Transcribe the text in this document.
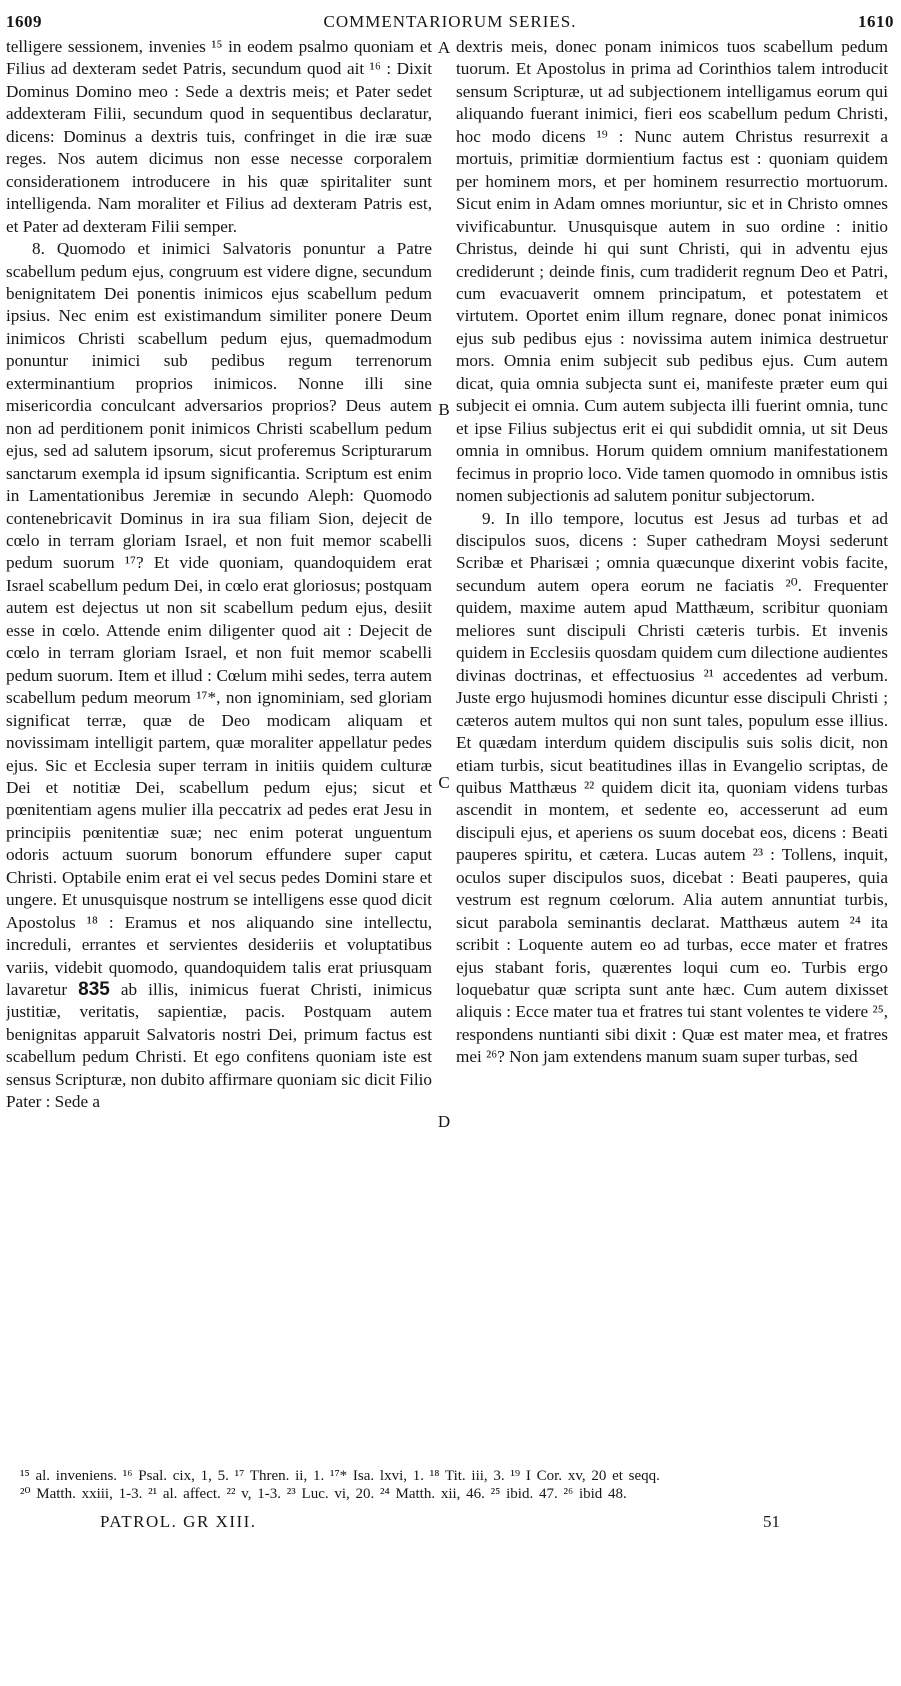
1609	COMMENTARIORUM SERIES.	1610

telligere sessionem, invenies ¹⁵ in eodem psalmo quoniam et Filius ad dexteram sedet Patris, secundum quod ait ¹⁶ : Dixit Dominus Domino meo : Sede a dextris meis; et Pater sedet addexteram Filii, secundum quod in sequentibus declaratur, dicens: Dominus a dextris tuis, confringet in die iræ suæ reges. Nos autem dicimus non esse necesse corporalem considerationem introducere in his quæ spiritaliter sunt intelligenda. Nam moraliter et Filius ad dexteram Patris est, et Pater ad dexteram Filii semper.

8. Quomodo et inimici Salvatoris ponuntur a Patre scabellum pedum ejus, congruum est videre digne, secundum benignitatem Dei ponentis inimicos ejus scabellum pedum ipsius. Nec enim est existimandum similiter ponere Deum inimicos Christi scabellum pedum ejus, quemadmodum ponuntur inimici sub pedibus regum terrenorum exterminantium proprios inimicos. Nonne illi sine misericordia conculcant adversarios proprios? Deus autem non ad perditionem ponit inimicos Christi scabellum pedum ejus, sed ad salutem ipsorum, sicut proferemus Scripturarum sanctarum exempla id ipsum significantia. Scriptum est enim in Lamentationibus Jeremiæ in secundo Aleph: Quomodo contenebricavit Dominus in ira sua filiam Sion, dejecit de cœlo in terram gloriam Israel, et non fuit memor scabelli pedum suorum ¹⁷? Et vide quoniam, quandoquidem erat Israel scabellum pedum Dei, in cœlo erat gloriosus; postquam autem est dejectus ut non sit scabellum pedum ejus, desiit esse in cœlo. Attende enim diligenter quod ait : Dejecit de cœlo in terram gloriam Israel, et non fuit memor scabelli pedum suorum. Item et illud : Cœlum mihi sedes, terra autem scabellum pedum meorum ¹⁷*, non ignominiam, sed gloriam significat terræ, quæ de Deo modicam aliquam et novissimam intelligit partem, quæ moraliter appellatur pedes ejus. Sic et Ecclesia super terram in initiis quidem culturæ Dei et notitiæ Dei, scabellum pedum ejus; sicut et pœnitentiam agens mulier illa peccatrix ad pedes erat Jesu in principiis pœnitentiæ suæ; nec enim poterat unguentum odoris actuum suorum bonorum effundere super caput Christi. Optabile enim erat ei vel secus pedes Domini stare et ungere. Et unusquisque nostrum se intelligens esse quod dicit Apostolus ¹⁸ : Eramus et nos aliquando sine intellectu, increduli, errantes et servientes desideriis et voluptatibus variis, videbit quomodo, quandoquidem talis erat priusquam lavaretur 835 ab illis, inimicus fuerat Christi, inimicus justitiæ, veritatis, sapientiæ, pacis. Postquam autem benignitas apparuit Salvatoris nostri Dei, primum factus est scabellum pedum Christi. Et ego confitens quoniam iste est sensus Scripturæ, non dubito affirmare quoniam sic dicit Filio Pater : Sede a

A
B
C
D

dextris meis, donec ponam inimicos tuos scabellum pedum tuorum. Et Apostolus in prima ad Corinthios talem introducit sensum Scripturæ, ut ad subjectionem intelligamus eorum qui aliquando fuerant inimici, fieri eos scabellum pedum Christi, hoc modo dicens ¹⁹ : Nunc autem Christus resurrexit a mortuis, primitiæ dormientium factus est : quoniam quidem per hominem mors, et per hominem resurrectio mortuorum. Sicut enim in Adam omnes moriuntur, sic et in Christo omnes vivificabuntur. Unusquisque autem in suo ordine : initio Christus, deinde hi qui sunt Christi, qui in adventu ejus crediderunt ; deinde finis, cum tradiderit regnum Deo et Patri, cum evacuaverit omnem principatum, et potestatem et virtutem. Oportet enim illum regnare, donec ponat inimicos ejus sub pedibus ejus : novissima autem inimica destruetur mors. Omnia enim subjecit sub pedibus ejus. Cum autem dicat, quia omnia subjecta sunt ei, manifeste præter eum qui subjecit ei omnia. Cum autem subjecta illi fuerint omnia, tunc et ipse Filius subjectus erit ei qui subdidit omnia, ut sit Deus omnia in omnibus. Horum quidem omnium manifestationem fecimus in proprio loco. Vide tamen quomodo in omnibus istis nomen subjectionis ad salutem ponitur subjectorum.

9. In illo tempore, locutus est Jesus ad turbas et ad discipulos suos, dicens : Super cathedram Moysi sederunt Scribæ et Pharisæi ; omnia quæcunque dixerint vobis facite, secundum autem opera eorum ne faciatis ²⁰. Frequenter quidem, maxime autem apud Matthæum, scribitur quoniam meliores sunt discipuli Christi cæteris turbis. Et invenis quidem in Ecclesiis quosdam quidem cum dilectione audientes divinas doctrinas, et effectuosius ²¹ accedentes ad verbum. Juste ergo hujusmodi homines dicuntur esse discipuli Christi ; cæteros autem multos qui non sunt tales, populum esse illius. Et quædam interdum quidem discipulis suis solis dicit, non etiam turbis, sicut beatitudines illas in Evangelio scriptas, de quibus Matthæus ²² quidem dicit ita, quoniam videns turbas ascendit in montem, et sedente eo, accesserunt ad eum discipuli ejus, et aperiens os suum docebat eos, dicens : Beati pauperes spiritu, et cætera. Lucas autem ²³ : Tollens, inquit, oculos super discipulos suos, dicebat : Beati pauperes, quia vestrum est regnum cœlorum. Alia autem annuntiat turbis, sicut parabola seminantis declarat. Matthæus autem ²⁴ ita scribit : Loquente autem eo ad turbas, ecce mater et fratres ejus stabant foris, quærentes loqui cum eo. Turbis ergo loquebatur quæ scripta sunt ante hæc. Cum autem dixisset aliquis : Ecce mater tua et fratres tui stant volentes te videre ²⁵, respondens nuntianti sibi dixit : Quæ est mater mea, et fratres mei ²⁶? Non jam extendens manum suam super turbas, sed

¹⁵ al. inveniens. ¹⁶ Psal. cix, 1, 5. ¹⁷ Thren. ii, 1. ¹⁷* Isa. lxvi, 1. ¹⁸ Tit. iii, 3. ¹⁹ I Cor. xv, 20 et seqq.
²⁰ Matth. xxiii, 1-3. ²¹ al. affect. ²² v, 1-3. ²³ Luc. vi, 20. ²⁴ Matth. xii, 46. ²⁵ ibid. 47. ²⁶ ibid 48.
PATROL. GR XIII.	51
